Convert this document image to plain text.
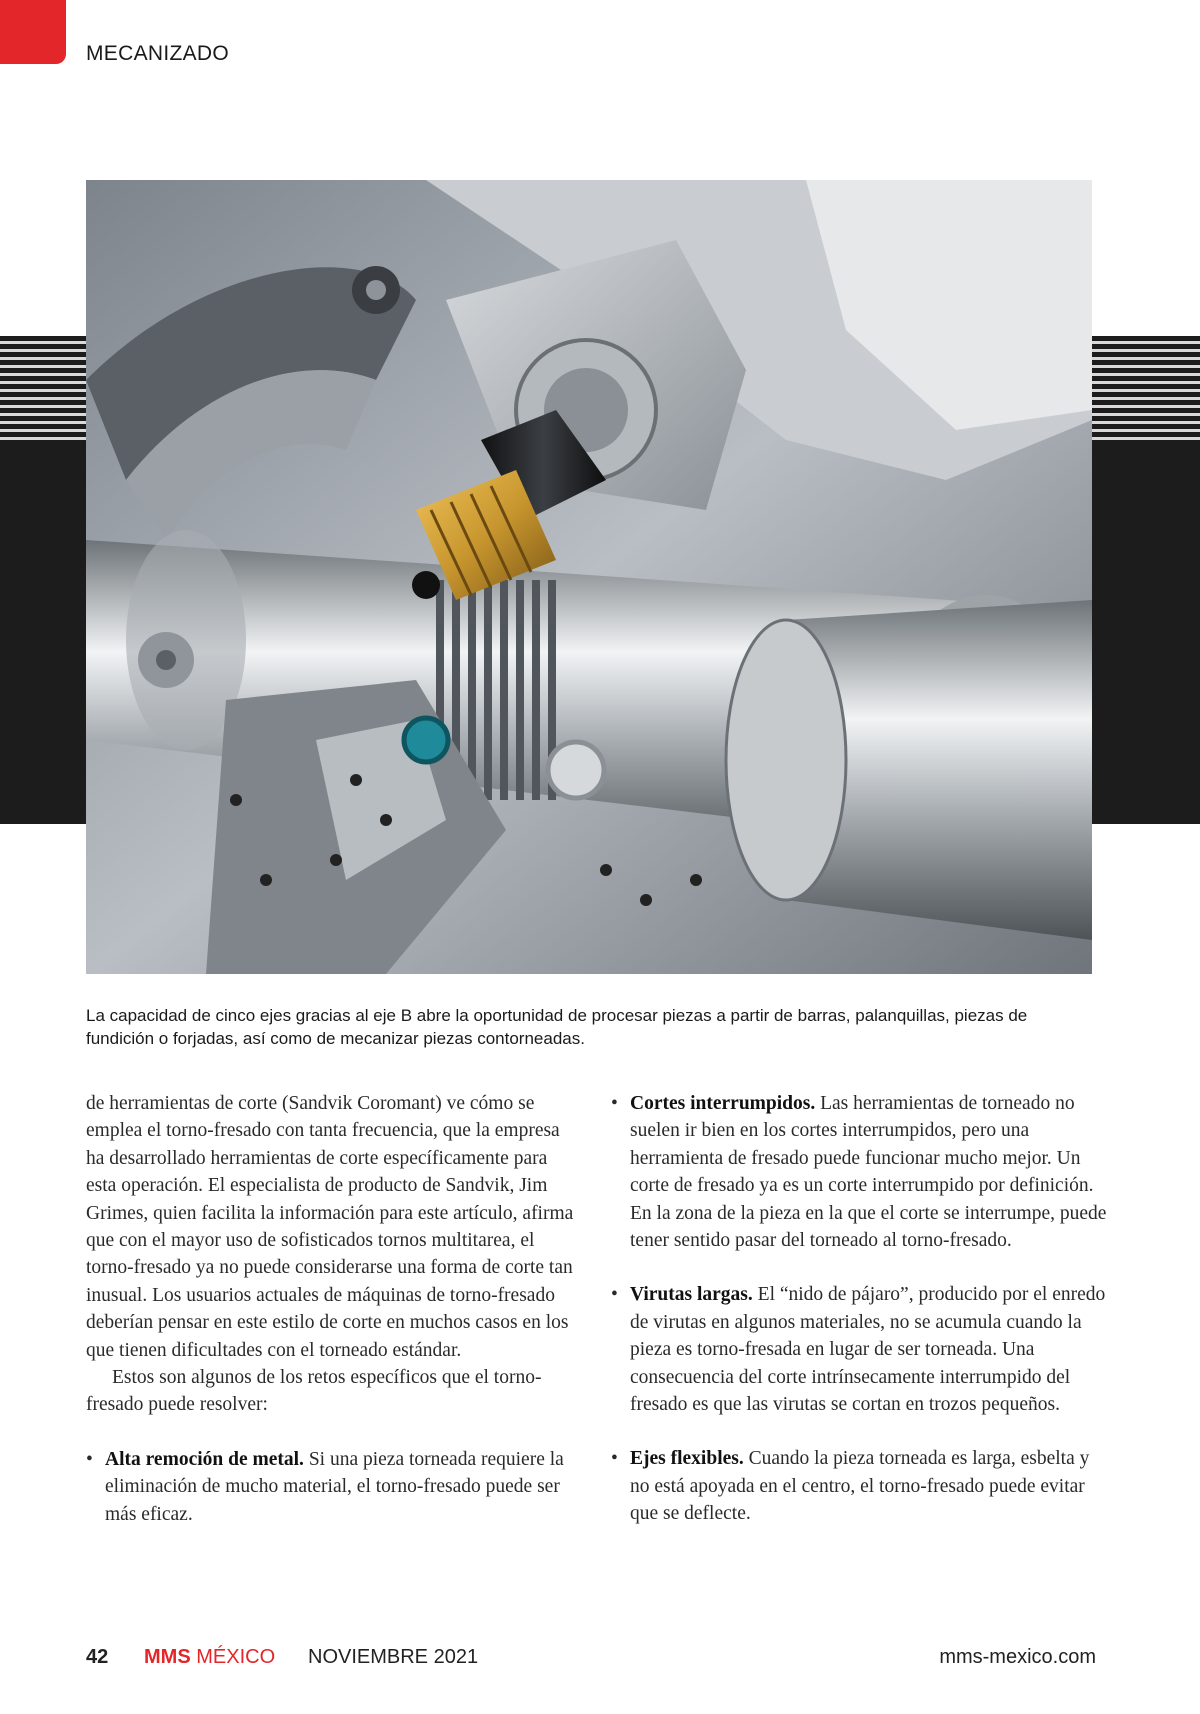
MECANIZADO
La capacidad de cinco ejes gracias al eje B abre la oportunidad de procesar piezas a partir de barras, palanquillas, piezas de fundición o forjadas, así como de mecanizar piezas contorneadas.

de herramientas de corte (Sandvik Coromant) ve cómo se emplea el torno-fresado con tanta frecuencia, que la empresa ha desarrollado herramientas de corte específicamente para esta operación. El especialista de producto de Sandvik, Jim Grimes, quien facilita la información para este artículo, afirma que con el mayor uso de sofisticados tornos multitarea, el torno-fresado ya no puede considerarse una forma de corte tan inusual. Los usuarios actuales de máquinas de torno-fresado deberían pensar en este estilo de corte en muchos casos en los que tienen dificultades con el torneado estándar.

Estos son algunos de los retos específicos que el torno-fresado puede resolver:

• Alta remoción de metal. Si una pieza torneada requiere la eliminación de mucho material, el torno-fresado puede ser más eficaz.
• Cortes interrumpidos. Las herramientas de torneado no suelen ir bien en los cortes interrumpidos, pero una herramienta de fresado puede funcionar mucho mejor. Un corte de fresado ya es un corte interrumpido por definición. En la zona de la pieza en la que el corte se interrumpe, puede tener sentido pasar del torneado al torno-fresado.
• Virutas largas. El “nido de pájaro”, producido por el enredo de virutas en algunos materiales, no se acumula cuando la pieza es torno-fresada en lugar de ser torneada. Una consecuencia del corte intrínsecamente interrumpido del fresado es que las virutas se cortan en trozos pequeños.
• Ejes flexibles. Cuando la pieza torneada es larga, esbelta y no está apoyada en el centro, el torno-fresado puede evitar que se deflecte.
42 MMS MÉXICO NOVIEMBRE 2021	mms-mexico.com
